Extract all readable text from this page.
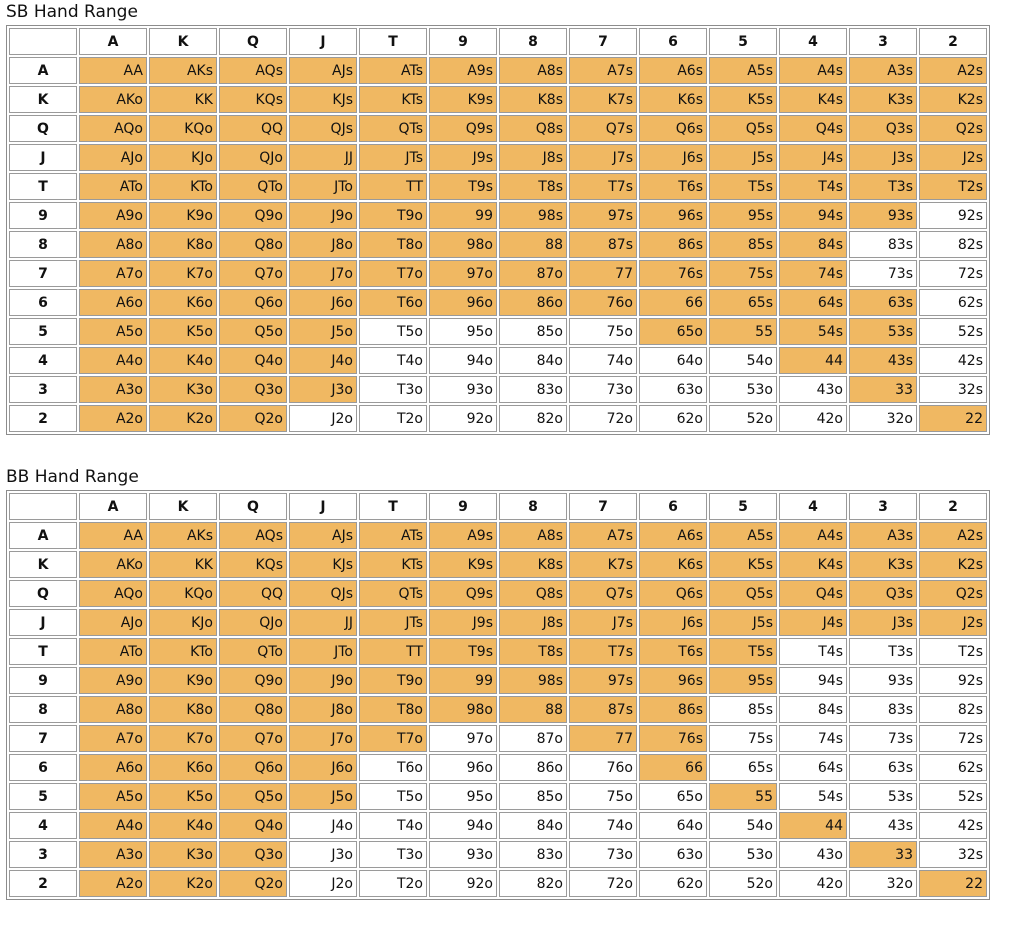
SB Hand Range
	A	K	Q	J	T	9	8	7	6	5	4	3	2
A	AA	AKs	AQs	AJs	ATs	A9s	A8s	A7s	A6s	A5s	A4s	A3s	A2s
K	AKo	KK	KQs	KJs	KTs	K9s	K8s	K7s	K6s	K5s	K4s	K3s	K2s
Q	AQo	KQo	QQ	QJs	QTs	Q9s	Q8s	Q7s	Q6s	Q5s	Q4s	Q3s	Q2s
J	AJo	KJo	QJo	JJ	JTs	J9s	J8s	J7s	J6s	J5s	J4s	J3s	J2s
T	ATo	KTo	QTo	JTo	TT	T9s	T8s	T7s	T6s	T5s	T4s	T3s	T2s
9	A9o	K9o	Q9o	J9o	T9o	99	98s	97s	96s	95s	94s	93s	92s
8	A8o	K8o	Q8o	J8o	T8o	98o	88	87s	86s	85s	84s	83s	82s
7	A7o	K7o	Q7o	J7o	T7o	97o	87o	77	76s	75s	74s	73s	72s
6	A6o	K6o	Q6o	J6o	T6o	96o	86o	76o	66	65s	64s	63s	62s
5	A5o	K5o	Q5o	J5o	T5o	95o	85o	75o	65o	55	54s	53s	52s
4	A4o	K4o	Q4o	J4o	T4o	94o	84o	74o	64o	54o	44	43s	42s
3	A3o	K3o	Q3o	J3o	T3o	93o	83o	73o	63o	53o	43o	33	32s
2	A2o	K2o	Q2o	J2o	T2o	92o	82o	72o	62o	52o	42o	32o	22
BB Hand Range
	A	K	Q	J	T	9	8	7	6	5	4	3	2
A	AA	AKs	AQs	AJs	ATs	A9s	A8s	A7s	A6s	A5s	A4s	A3s	A2s
K	AKo	KK	KQs	KJs	KTs	K9s	K8s	K7s	K6s	K5s	K4s	K3s	K2s
Q	AQo	KQo	QQ	QJs	QTs	Q9s	Q8s	Q7s	Q6s	Q5s	Q4s	Q3s	Q2s
J	AJo	KJo	QJo	JJ	JTs	J9s	J8s	J7s	J6s	J5s	J4s	J3s	J2s
T	ATo	KTo	QTo	JTo	TT	T9s	T8s	T7s	T6s	T5s	T4s	T3s	T2s
9	A9o	K9o	Q9o	J9o	T9o	99	98s	97s	96s	95s	94s	93s	92s
8	A8o	K8o	Q8o	J8o	T8o	98o	88	87s	86s	85s	84s	83s	82s
7	A7o	K7o	Q7o	J7o	T7o	97o	87o	77	76s	75s	74s	73s	72s
6	A6o	K6o	Q6o	J6o	T6o	96o	86o	76o	66	65s	64s	63s	62s
5	A5o	K5o	Q5o	J5o	T5o	95o	85o	75o	65o	55	54s	53s	52s
4	A4o	K4o	Q4o	J4o	T4o	94o	84o	74o	64o	54o	44	43s	42s
3	A3o	K3o	Q3o	J3o	T3o	93o	83o	73o	63o	53o	43o	33	32s
2	A2o	K2o	Q2o	J2o	T2o	92o	82o	72o	62o	52o	42o	32o	22
